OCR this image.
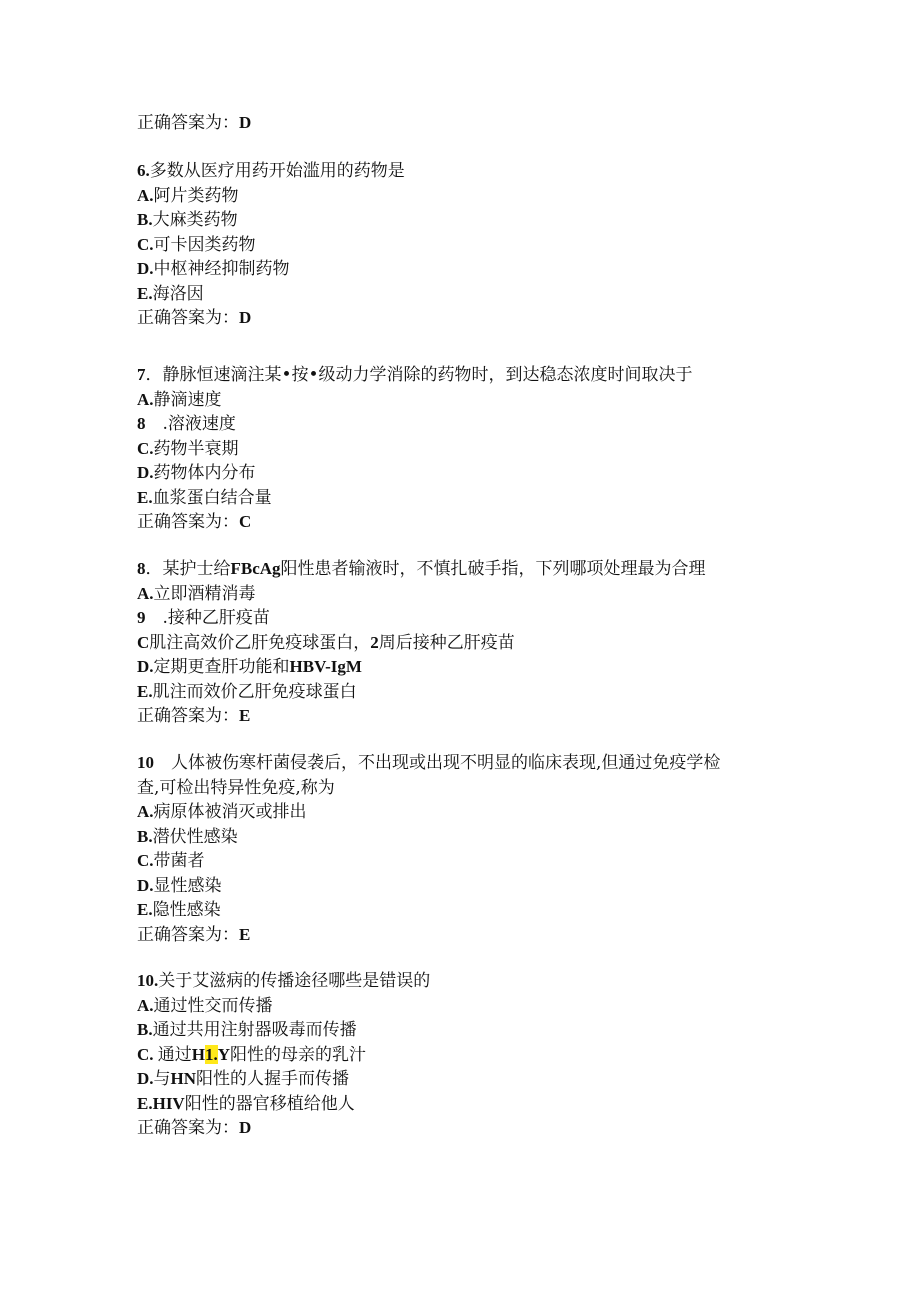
正确答案为：D
6.多数从医疗用药开始滥用的药物是
A.阿片类药物
B.大麻类药物
C.可卡因类药物
D.中枢神经抑制药物
E.海洛因
正确答案为：D
7．静脉恒速滴注某•按•级动力学消除的药物时，到达稳态浓度时间取决于
A.静滴速度
8　.溶液速度
C.药物半衰期
D.药物体内分布
E.血浆蛋白结合量
正确答案为：C
8．某护士给FBcAg阳性患者输液时，不慎扎破手指，下列哪项处理最为合理
A.立即酒精消毒
9　.接种乙肝疫苗
C肌注高效价乙肝免疫球蛋白，2周后接种乙肝疫苗
D.定期更查肝功能和HBV-IgM
E.肌注而效价乙肝免疫球蛋白
正确答案为：E
10　人体被伤寒杆菌侵袭后，不出现或出现不明显的临床表现,但通过免疫学检
查,可检出特异性免疫,称为
A.病原体被消灭或排出
B.潜伏性感染
C.带菌者
D.显性感染
E.隐性感染
正确答案为：E
10.关于艾滋病的传播途径哪些是错误的
A.通过性交而传播
B.通过共用注射器吸毒而传播
C. 通过H1.Y阳性的母亲的乳汁
D.与HN阳性的人握手而传播
E.HIV阳性的器官移植给他人
正确答案为：D
